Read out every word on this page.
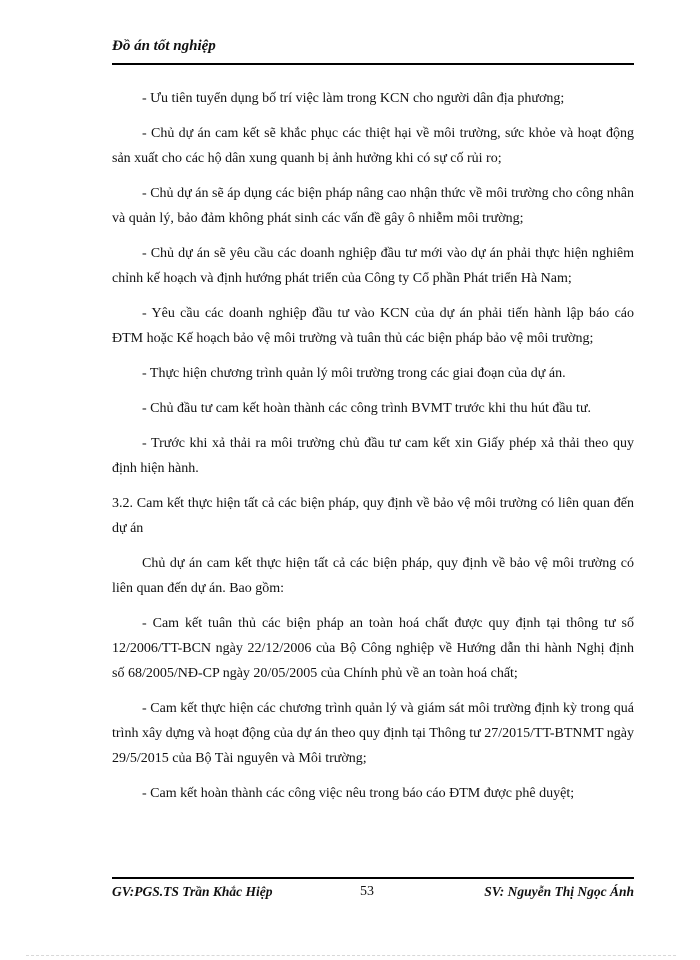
Đồ án tốt nghiệp

- Ưu tiên tuyển dụng bố trí việc làm trong KCN cho người dân địa phương;

- Chủ dự án cam kết sẽ khắc phục các thiệt hại về môi trường, sức khỏe và hoạt động sản xuất cho các hộ dân xung quanh bị ảnh hưởng khi có sự cố rủi ro;

- Chủ dự án sẽ áp dụng các biện pháp nâng cao nhận thức về môi trường cho công nhân và quản lý, bảo đảm không phát sinh các vấn đề gây ô nhiễm môi trường;

- Chủ dự án sẽ yêu cầu các doanh nghiệp đầu tư mới vào dự án phải thực hiện nghiêm chỉnh kế hoạch và định hướng phát triển của Công ty Cổ phần Phát triển Hà Nam;

- Yêu cầu các doanh nghiệp đầu tư vào KCN của dự án phải tiến hành lập báo cáo ĐTM hoặc Kế hoạch bảo vệ môi trường và tuân thủ các biện pháp bảo vệ môi trường;

- Thực hiện chương trình quản lý môi trường trong các giai đoạn của dự án.

- Chủ đầu tư cam kết hoàn thành các công trình BVMT trước khi thu hút đầu tư.

- Trước khi xả thải ra môi trường chủ đầu tư cam kết xin Giấy phép xả thải theo quy định hiện hành.

3.2. Cam kết thực hiện tất cả các biện pháp, quy định về bảo vệ môi trường có liên quan đến dự án

Chủ dự án cam kết thực hiện tất cả các biện pháp, quy định về bảo vệ môi trường có liên quan đến dự án. Bao gồm:

- Cam kết tuân thủ các biện pháp an toàn hoá chất được quy định tại thông tư số 12/2006/TT-BCN ngày 22/12/2006 của Bộ Công nghiệp về Hướng dẫn thi hành Nghị định số 68/2005/NĐ-CP ngày 20/05/2005 của Chính phủ về an toàn hoá chất;

- Cam kết thực hiện các chương trình quản lý và giám sát môi trường định kỳ trong quá trình xây dựng và hoạt động của dự án theo quy định tại Thông tư 27/2015/TT-BTNMT ngày 29/5/2015 của Bộ Tài nguyên và Môi trường;

- Cam kết hoàn thành các công việc nêu trong báo cáo ĐTM được phê duyệt;

GV:PGS.TS Trần Khắc Hiệp	53	SV: Nguyễn Thị Ngọc Ánh
